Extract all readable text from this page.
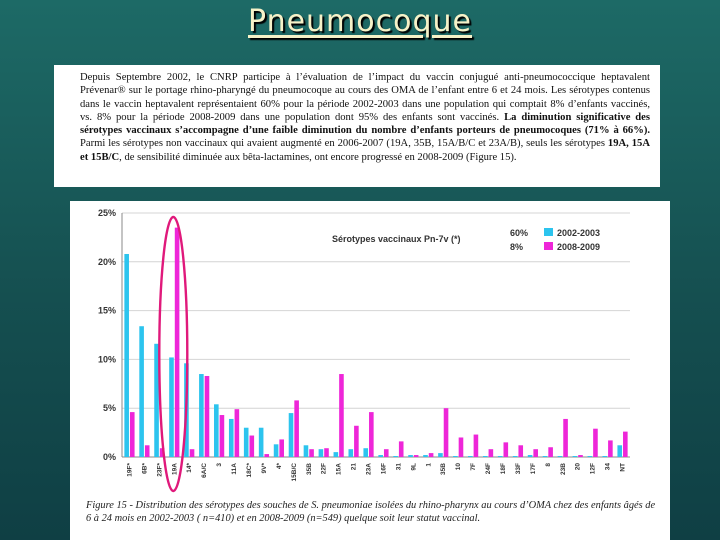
Pneumocoque
Depuis Septembre 2002, le CNRP participe à l’évaluation de l’impact du vaccin conjugué anti-pneumococcique heptavalent Prévenar® sur le portage rhino-pharyngé du pneumocoque au cours des OMA de l’enfant entre 6 et 24 mois. Les sérotypes contenus dans le vaccin heptavalent représentaient 60% pour la période 2002-2003 dans une population qui comptait 8% d’enfants vaccinés, vs. 8% pour la période 2008-2009 dans une population dont 95% des enfants sont vaccinés. La diminution significative des sérotypes vaccinaux s’accompagne d’une faible diminution du nombre d’enfants porteurs de pneumocoques (71% à 66%). Parmi les sérotypes non vaccinaux qui avaient augmenté en 2006-2007 (19A, 35B, 15A/B/C et 23A/B), seuls les sérotypes 19A, 15A et 15B/C, de sensibilité diminuée aux bêta-lactamines, ont encore progressé en 2008-2009 (Figure 15).
0%
5%
10%
15%
20%
25%
19F* 6B* 23F* 19A 14* 6A/C 3 11A 18C* 9V* 4* 15B/C 35B 22F 15A 21 23A 16F 31 9L 1 35B 10 7F 24F 18F 33F 17F 8 23B 20 12F 34 NT
Sérotypes vaccinaux Pn-7v (*)
60%	2002-2003
8%	2008-2009
Figure 15 - Distribution des sérotypes des souches de S. pneumoniae isolées du rhino-pharynx au cours d’OMA chez des enfants âgés de 6 à 24 mois en 2002-2003 ( n=410) et en 2008-2009 (n=549) quelque soit leur statut vaccinal.
